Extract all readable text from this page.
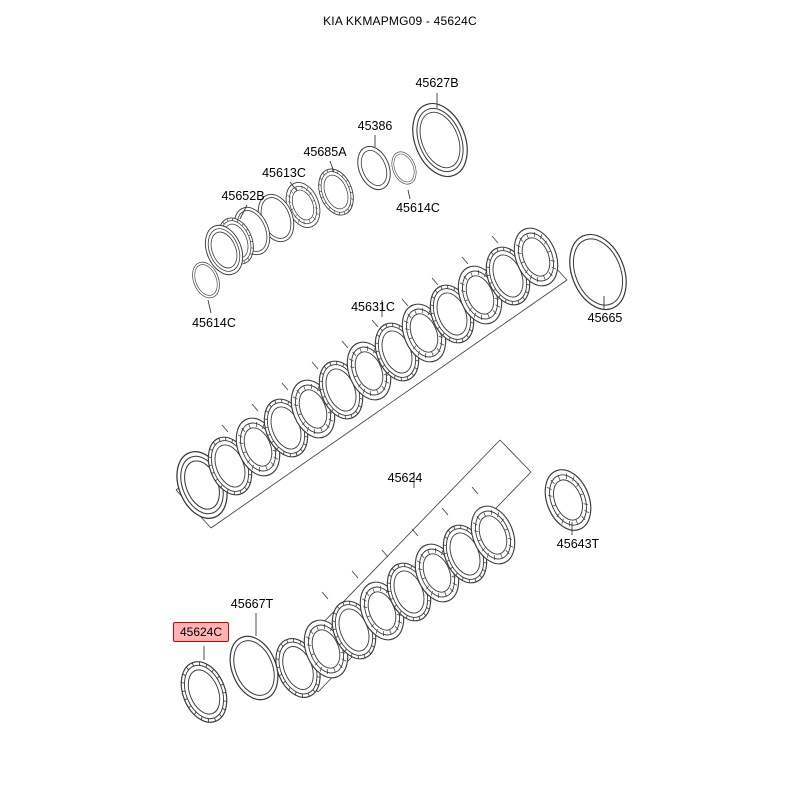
KIA KKMAPMG09 - 45624C
45627B
45386
45685A
45613C
45614C
45652B
45614C
45631C
45665
45624
45643T
45667T
45624C
